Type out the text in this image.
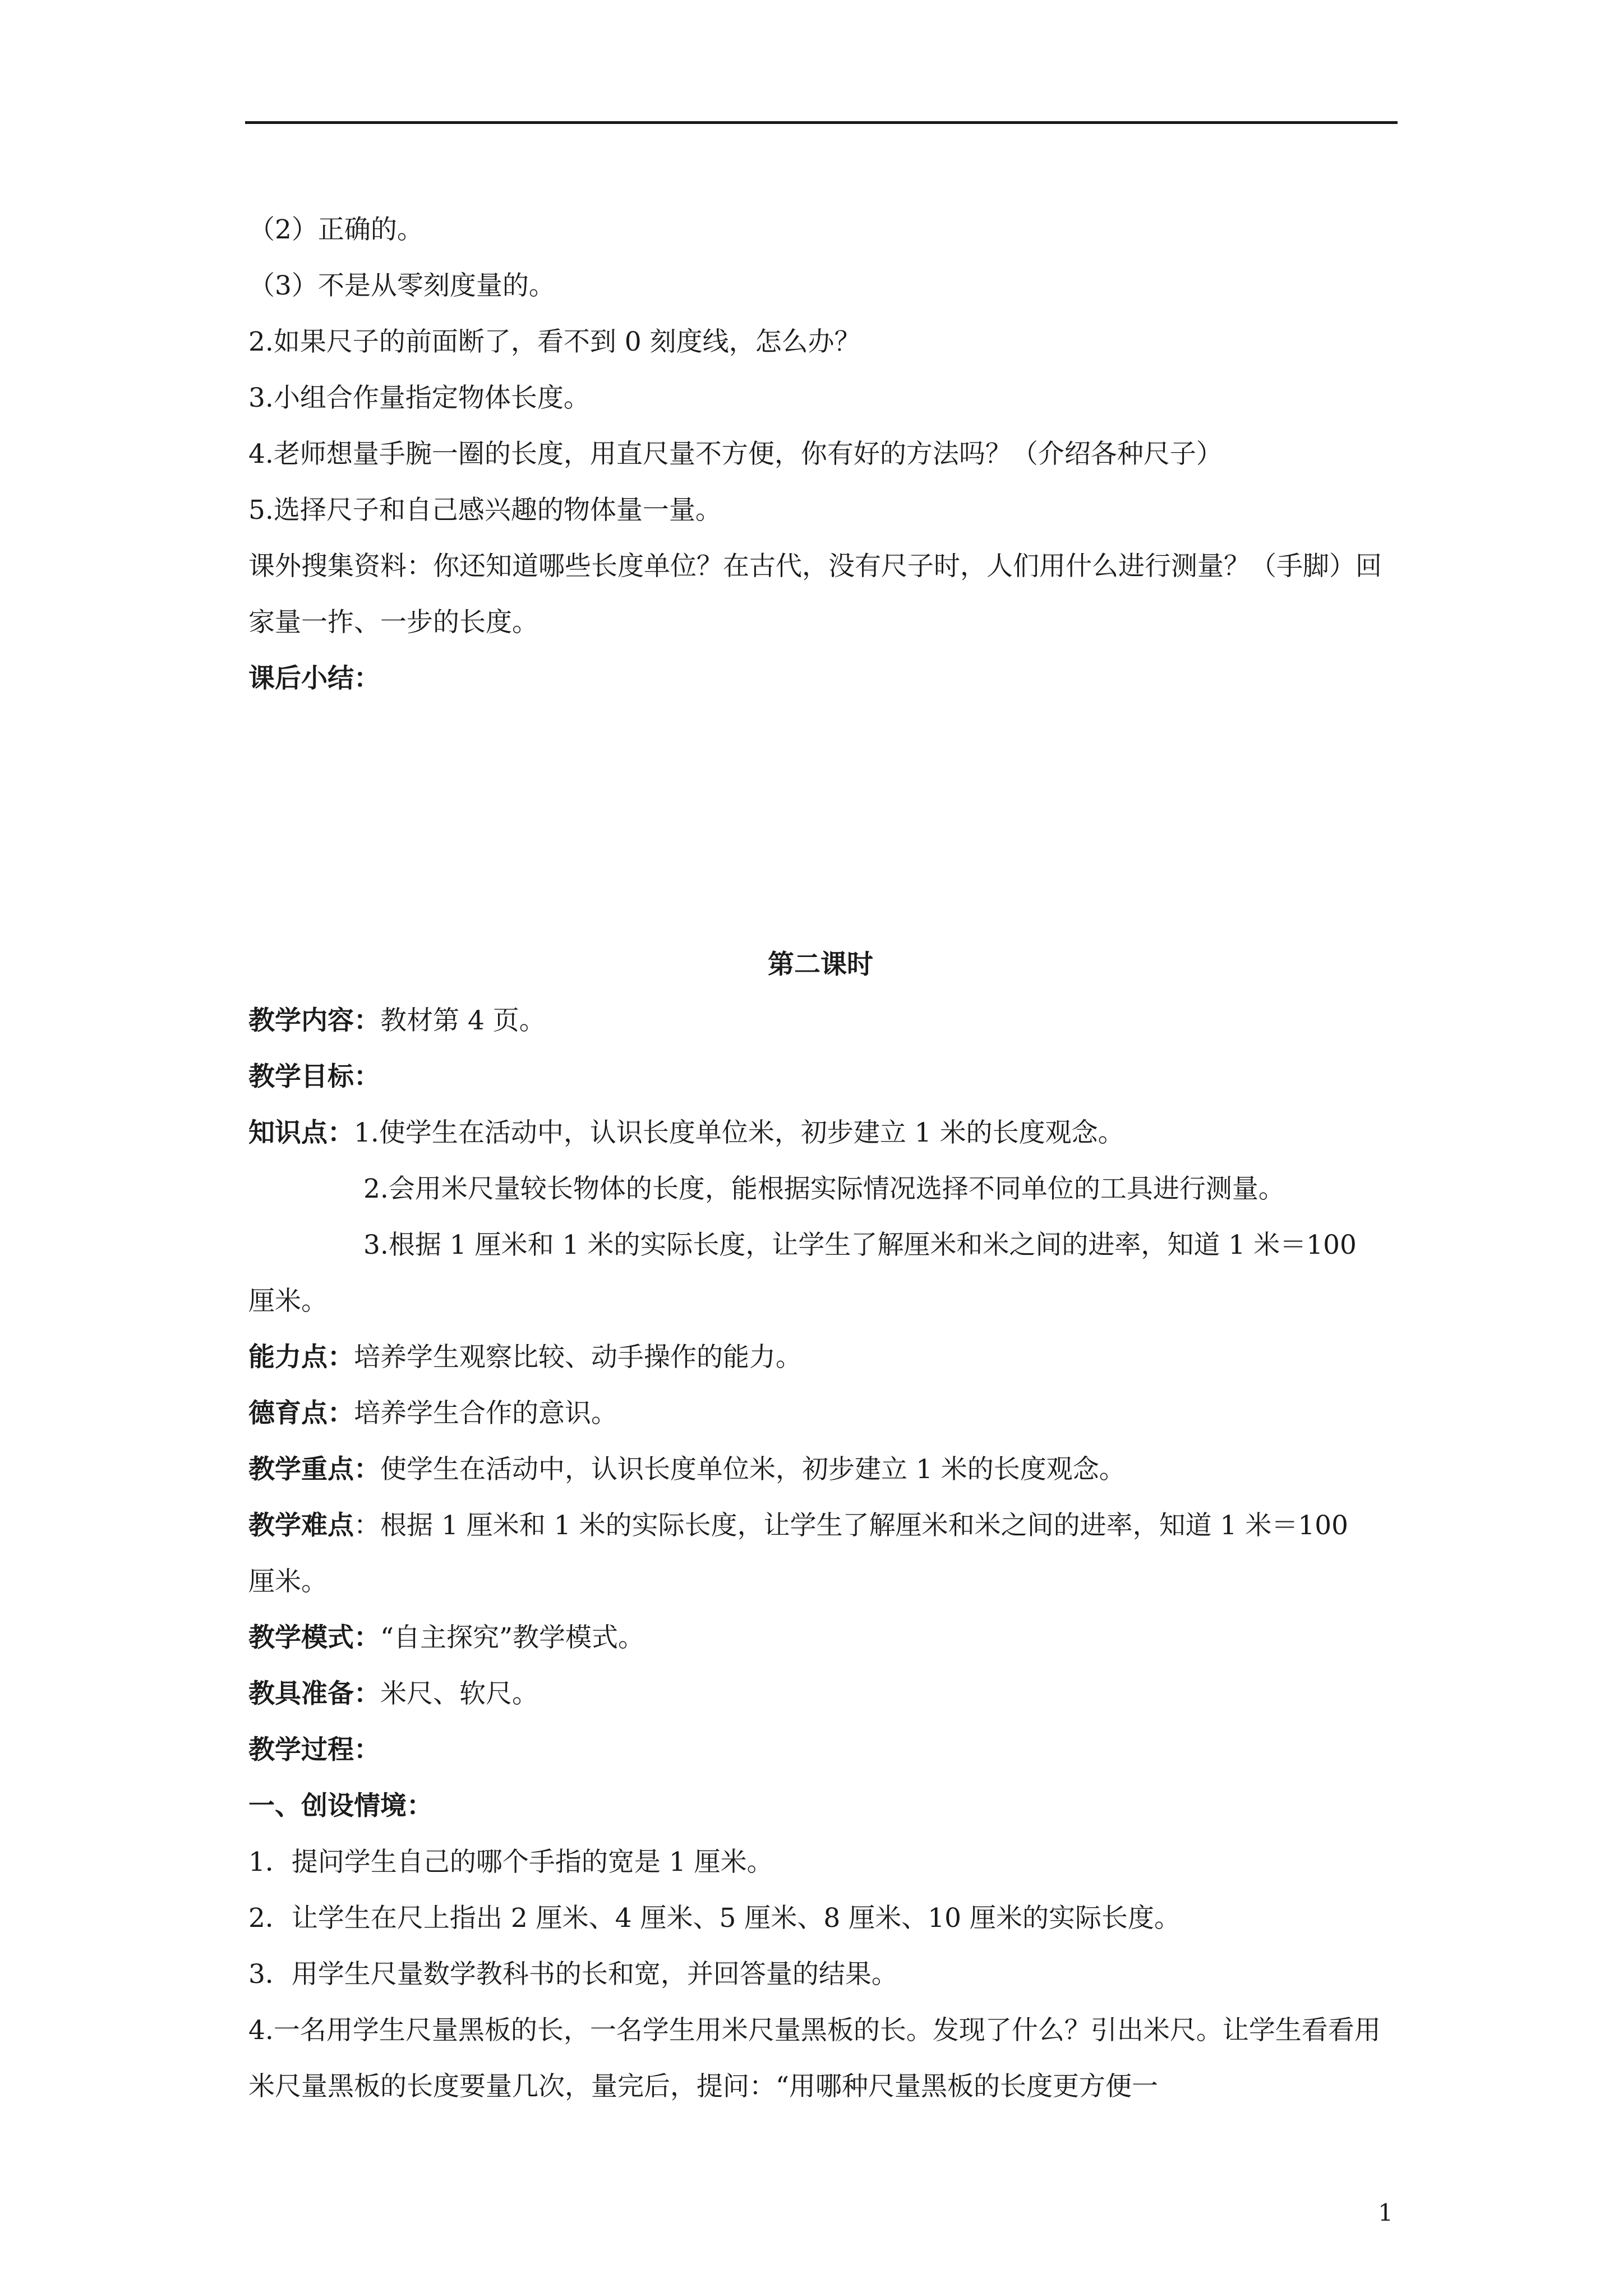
（2）正确的。

（3）不是从零刻度量的。

2.如果尺子的前面断了，看不到 0 刻度线，怎么办？

3.小组合作量指定物体长度。

4.老师想量手腕一圈的长度，用直尺量不方便，你有好的方法吗？（介绍各种尺子）

5.选择尺子和自己感兴趣的物体量一量。

课外搜集资料：你还知道哪些长度单位？在古代，没有尺子时，人们用什么进行测量？（手脚）回家量一拃、一步的长度。

课后小结：

第二课时

教学内容：教材第 4 页。

教学目标：

知识点：1.使学生在活动中，认识长度单位米，初步建立 1 米的长度观念。

2.会用米尺量较长物体的长度，能根据实际情况选择不同单位的工具进行测量。

3.根据 1 厘米和 1 米的实际长度，让学生了解厘米和米之间的进率，知道 1 米＝100

厘米。

能力点：培养学生观察比较、动手操作的能力。

德育点：培养学生合作的意识。

教学重点：使学生在活动中，认识长度单位米，初步建立 1 米的长度观念。

教学难点：根据 1 厘米和 1 米的实际长度，让学生了解厘米和米之间的进率，知道 1 米＝100

厘米。

教学模式：“自主探究”教学模式。

教具准备：米尺、软尺。

教学过程：

一、创设情境：

1．提问学生自己的哪个手指的宽是 1 厘米。

2．让学生在尺上指出 2 厘米、4 厘米、5 厘米、8 厘米、10 厘米的实际长度。

3．用学生尺量数学教科书的长和宽，并回答量的结果。

4.一名用学生尺量黑板的长，一名学生用米尺量黑板的长。发现了什么？引出米尺。让学生看看用米尺量黑板的长度要量几次，量完后，提问：“用哪种尺量黑板的长度更方便一

1
